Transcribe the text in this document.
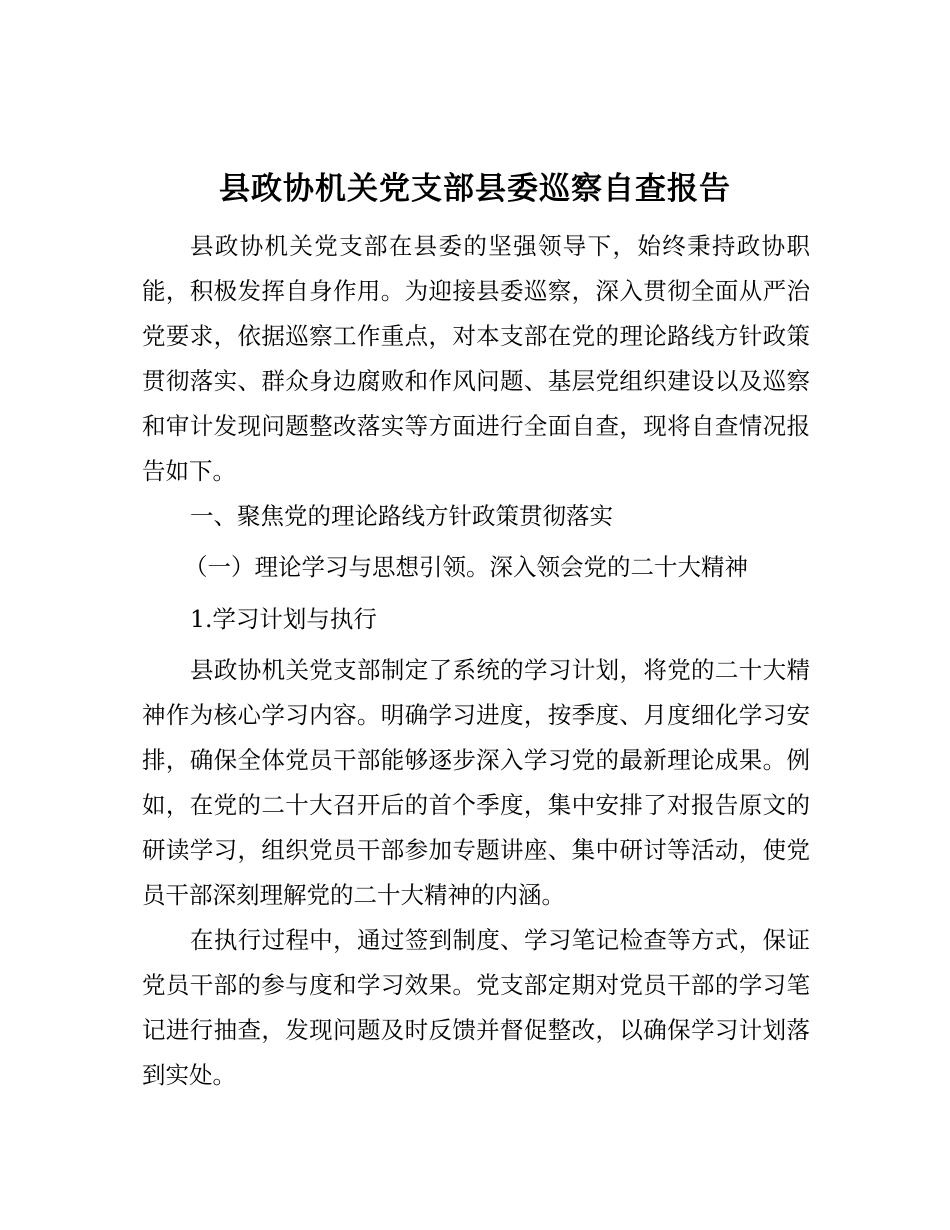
县政协机关党支部县委巡察自查报告

县政协机关党支部在县委的坚强领导下，始终秉持政协职能，积极发挥自身作用。为迎接县委巡察，深入贯彻全面从严治党要求，依据巡察工作重点，对本支部在党的理论路线方针政策贯彻落实、群众身边腐败和作风问题、基层党组织建设以及巡察和审计发现问题整改落实等方面进行全面自查，现将自查情况报告如下。

一、聚焦党的理论路线方针政策贯彻落实

（一）理论学习与思想引领。深入领会党的二十大精神

1.学习计划与执行

县政协机关党支部制定了系统的学习计划，将党的二十大精神作为核心学习内容。明确学习进度，按季度、月度细化学习安排，确保全体党员干部能够逐步深入学习党的最新理论成果。例如，在党的二十大召开后的首个季度，集中安排了对报告原文的研读学习，组织党员干部参加专题讲座、集中研讨等活动，使党员干部深刻理解党的二十大精神的内涵。

在执行过程中，通过签到制度、学习笔记检查等方式，保证党员干部的参与度和学习效果。党支部定期对党员干部的学习笔记进行抽查，发现问题及时反馈并督促整改，以确保学习计划落到实处。
